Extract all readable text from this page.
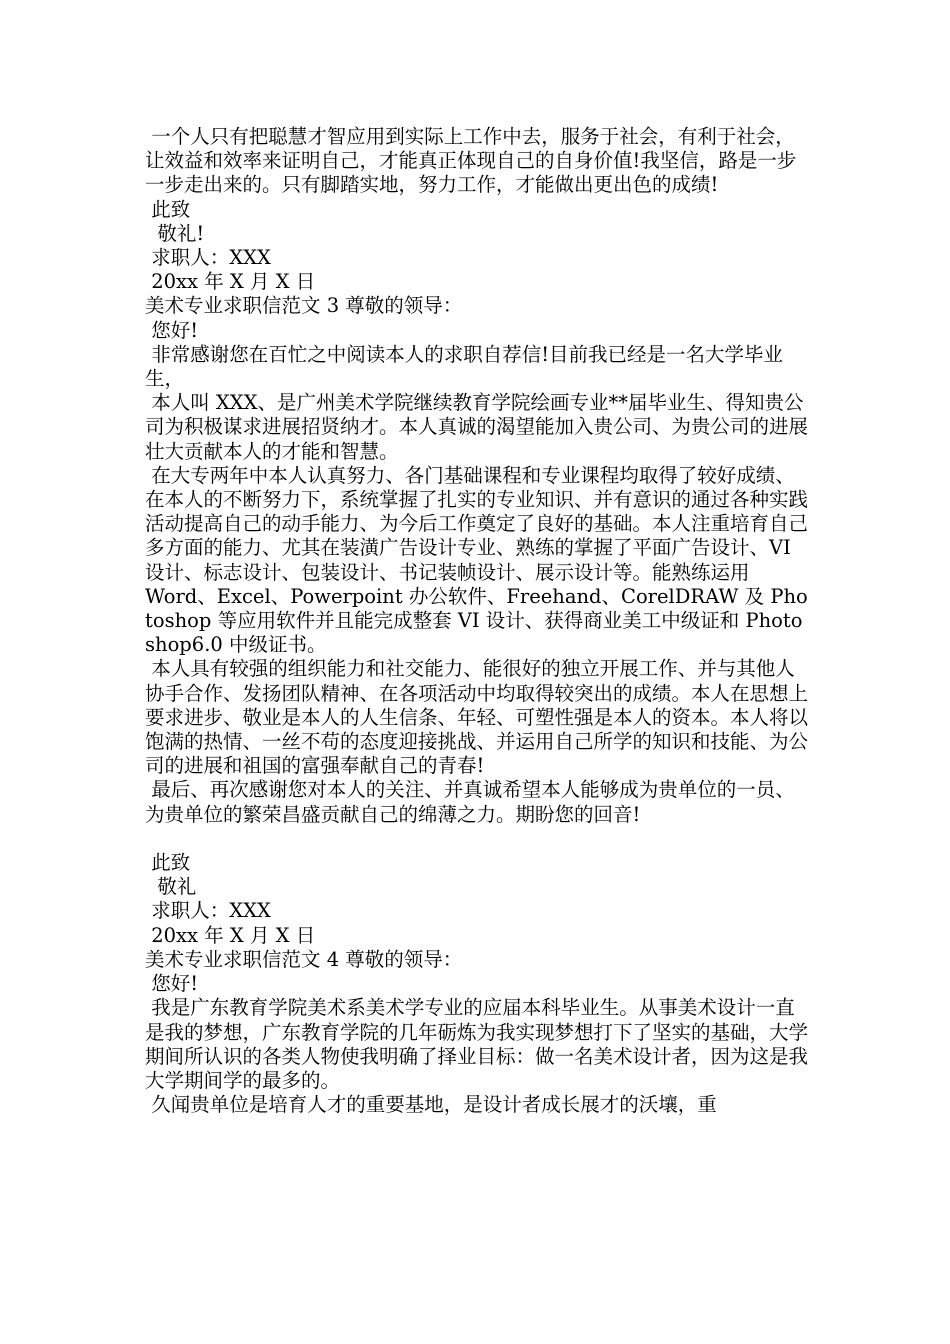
一个人只有把聪慧才智应用到实际上工作中去，服务于社会，有利于社会，让效益和效率来证明自己，才能真正体现自己的自身价值!我坚信，路是一步一步走出来的。只有脚踏实地，努力工作，才能做出更出色的成绩!

此致

敬礼!

求职人：XXX

20xx 年 X 月 X 日

美术专业求职信范文 3 尊敬的领导：

您好!

非常感谢您在百忙之中阅读本人的求职自荐信!目前我已经是一名大学毕业生，

本人叫 XXX、是广州美术学院继续教育学院绘画专业**届毕业生、得知贵公司为积极谋求进展招贤纳才。本人真诚的渴望能加入贵公司、为贵公司的进展壮大贡献本人的才能和智慧。

在大专两年中本人认真努力、各门基础课程和专业课程均取得了较好成绩、在本人的不断努力下，系统掌握了扎实的专业知识、并有意识的通过各种实践活动提高自己的动手能力、为今后工作奠定了良好的基础。本人注重培育自己多方面的能力、尤其在装潢广告设计专业、熟练的掌握了平面广告设计、VI 设计、标志设计、包装设计、书记装帧设计、展示设计等。能熟练运用

Word、Excel、Powerpoint 办公软件、Freehand、CorelDRAW 及 Photoshop 等应用软件并且能完成整套 VI 设计、获得商业美工中级证和 Photoshop6.0 中级证书。

本人具有较强的组织能力和社交能力、能很好的独立开展工作、并与其他人协手合作、发扬团队精神、在各项活动中均取得较突出的成绩。本人在思想上要求进步、敬业是本人的人生信条、年轻、可塑性强是本人的资本。本人将以饱满的热情、一丝不苟的态度迎接挑战、并运用自己所学的知识和技能、为公司的进展和祖国的富强奉献自己的青春!

最后、再次感谢您对本人的关注、并真诚希望本人能够成为贵单位的一员、 为贵单位的繁荣昌盛贡献自己的绵薄之力。期盼您的回音!

此致

敬礼

求职人：XXX

20xx 年 X 月 X 日

美术专业求职信范文 4 尊敬的领导：

您好!

我是广东教育学院美术系美术学专业的应届本科毕业生。从事美术设计一直是我的梦想，广东教育学院的几年砺炼为我实现梦想打下了坚实的基础，大学期间所认识的各类人物使我明确了择业目标：做一名美术设计者，因为这是我大学期间学的最多的。

久闻贵单位是培育人才的重要基地，是设计者成长展才的沃壤，重
